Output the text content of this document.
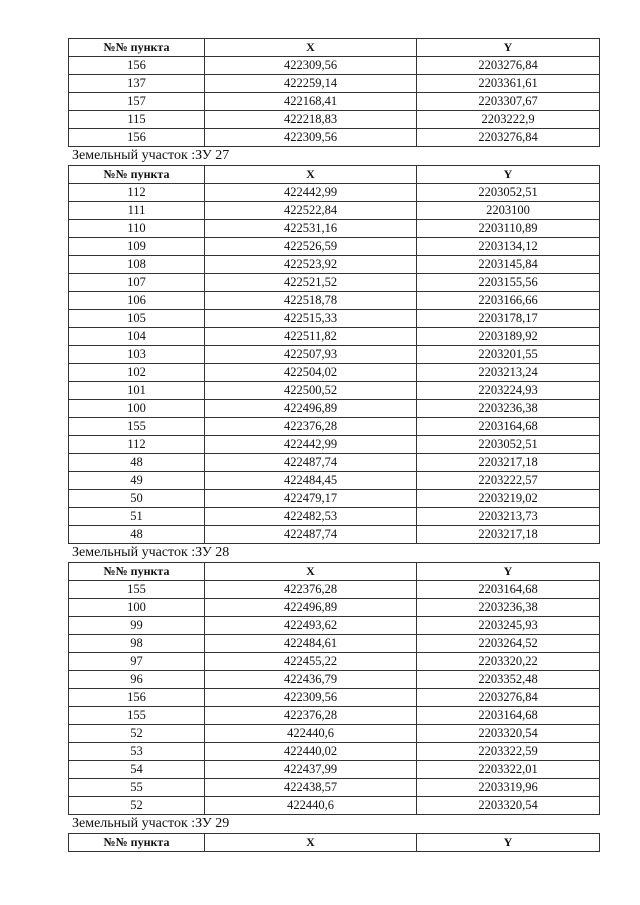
№№ пункта	X	Y
156	422309,56	2203276,84
137	422259,14	2203361,61
157	422168,41	2203307,67
115	422218,83	2203222,9
156	422309,56	2203276,84
Земельный участок :ЗУ 27
№№ пункта	X	Y
112	422442,99	2203052,51
111	422522,84	2203100
110	422531,16	2203110,89
109	422526,59	2203134,12
108	422523,92	2203145,84
107	422521,52	2203155,56
106	422518,78	2203166,66
105	422515,33	2203178,17
104	422511,82	2203189,92
103	422507,93	2203201,55
102	422504,02	2203213,24
101	422500,52	2203224,93
100	422496,89	2203236,38
155	422376,28	2203164,68
112	422442,99	2203052,51
48	422487,74	2203217,18
49	422484,45	2203222,57
50	422479,17	2203219,02
51	422482,53	2203213,73
48	422487,74	2203217,18
Земельный участок :ЗУ 28
№№ пункта	X	Y
155	422376,28	2203164,68
100	422496,89	2203236,38
99	422493,62	2203245,93
98	422484,61	2203264,52
97	422455,22	2203320,22
96	422436,79	2203352,48
156	422309,56	2203276,84
155	422376,28	2203164,68
52	422440,6	2203320,54
53	422440,02	2203322,59
54	422437,99	2203322,01
55	422438,57	2203319,96
52	422440,6	2203320,54
Земельный участок :ЗУ 29
№№ пункта	X	Y
